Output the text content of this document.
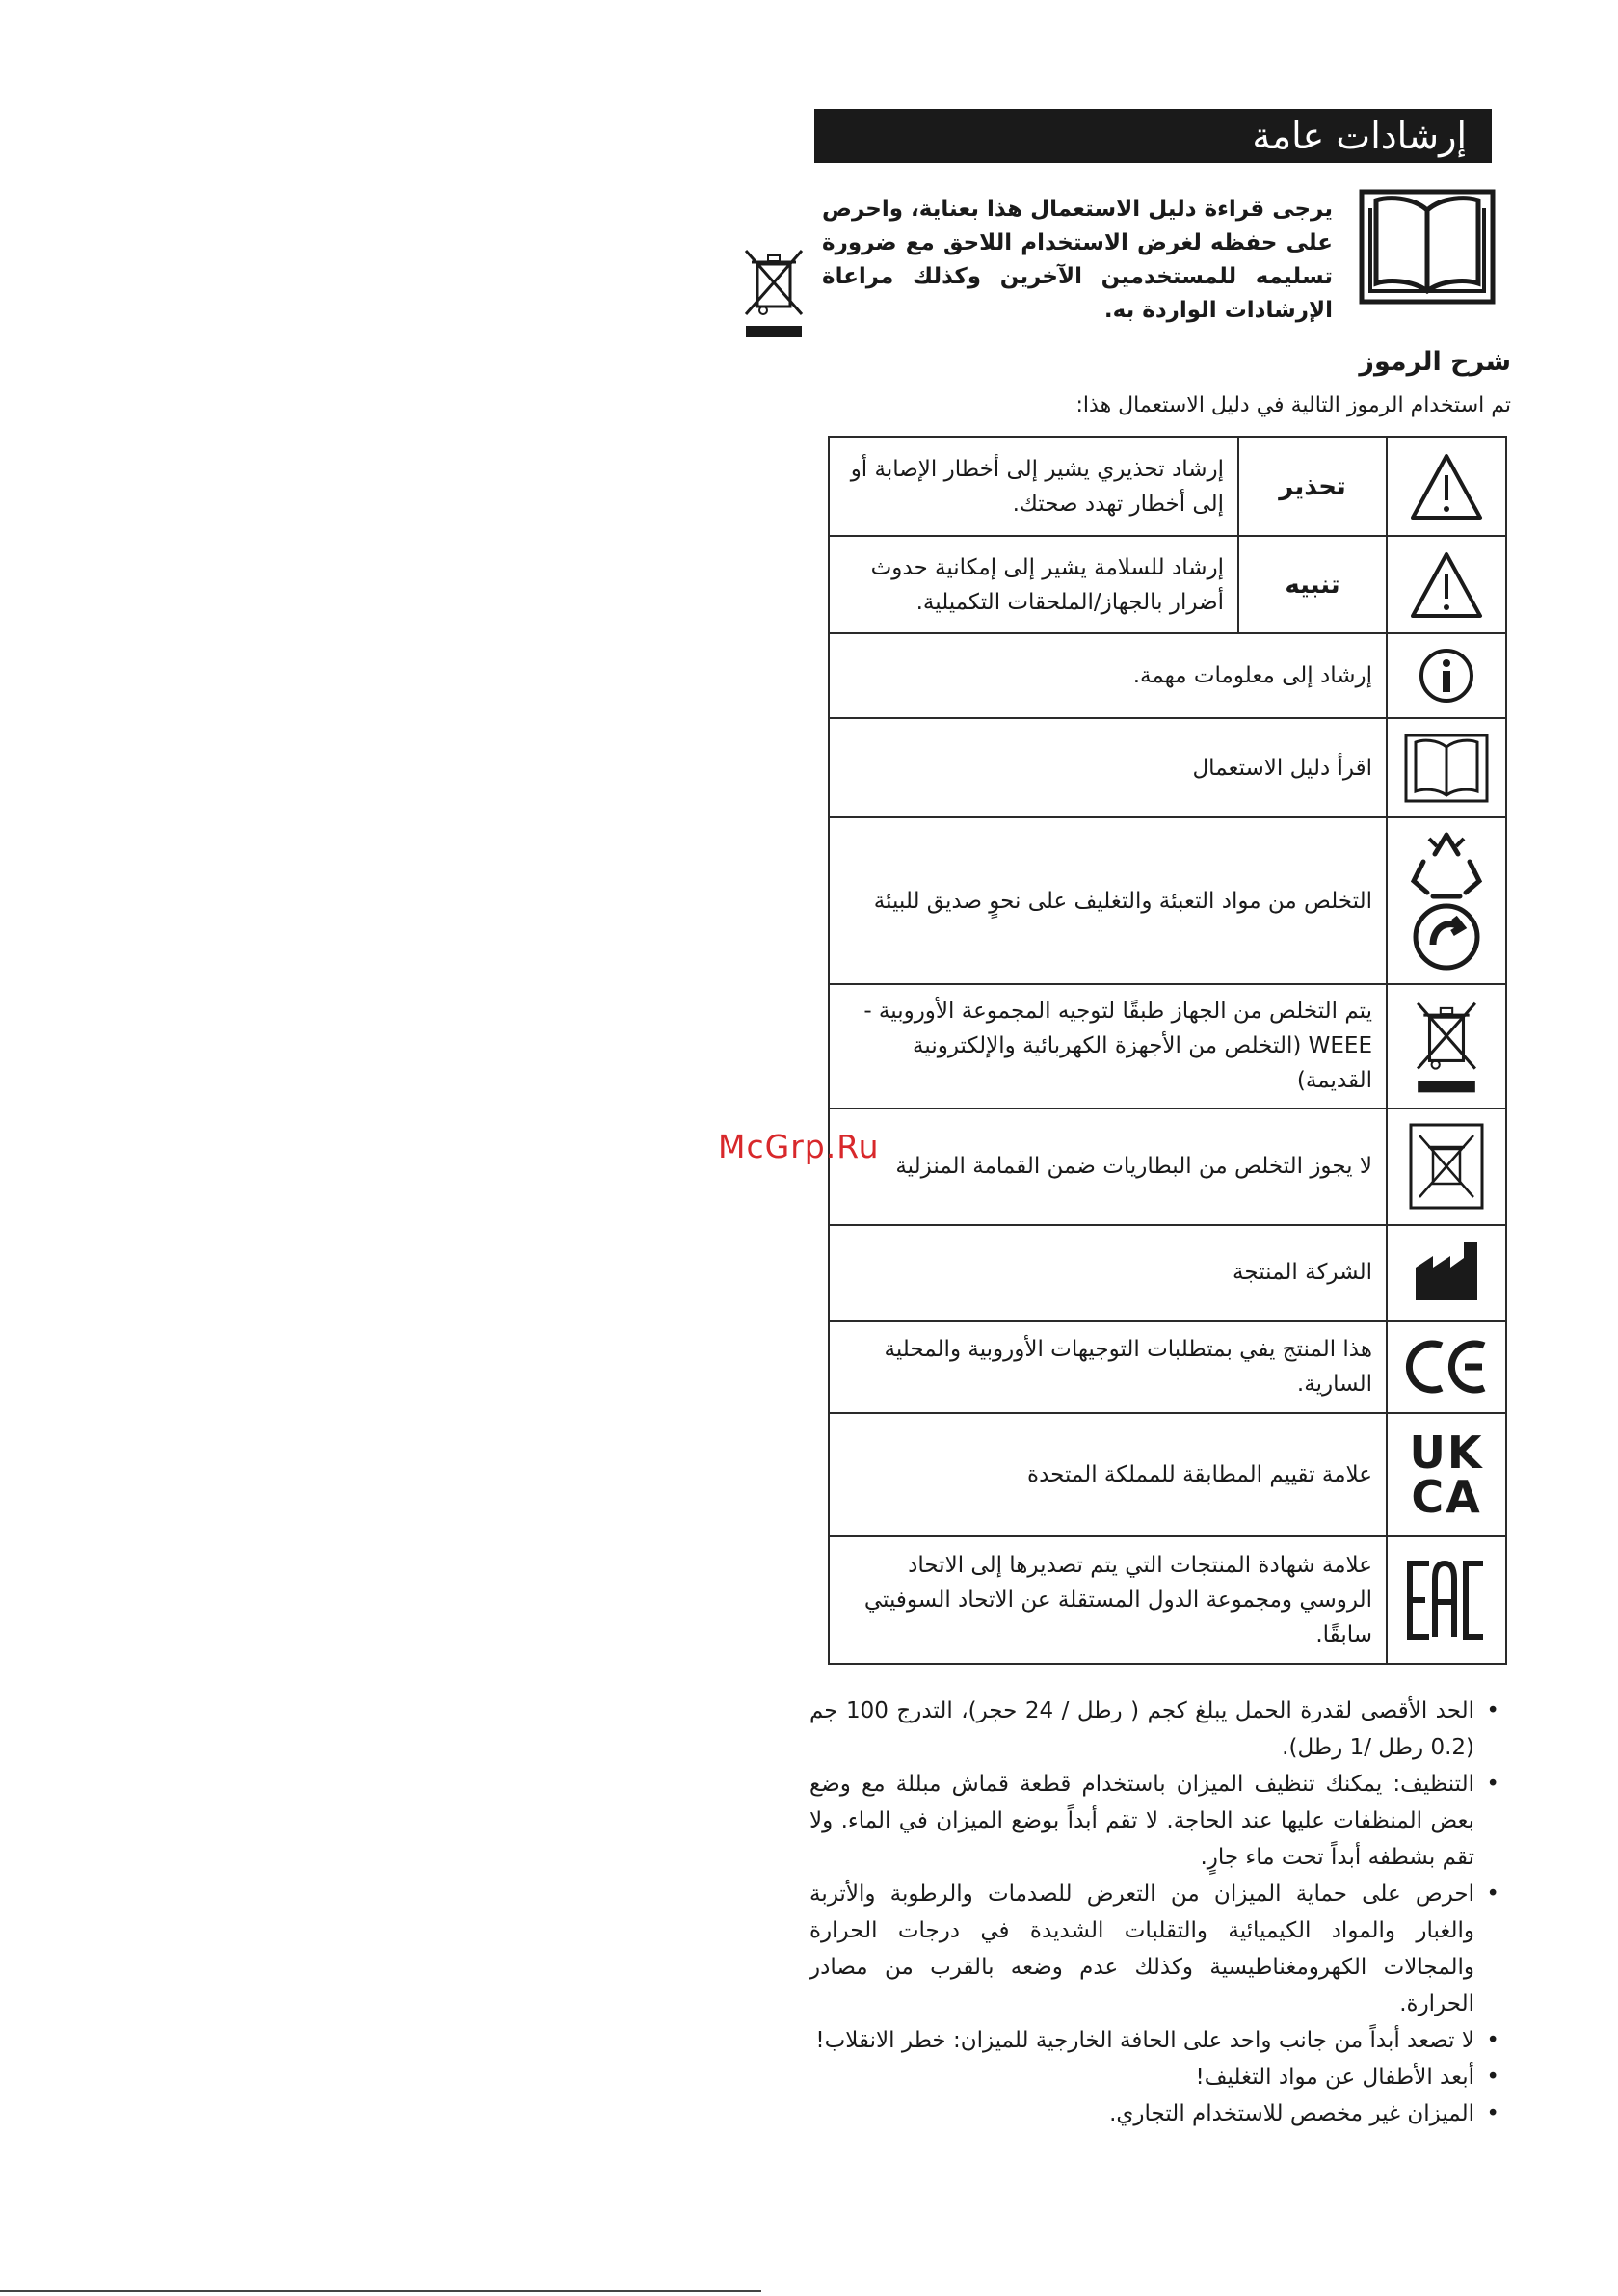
إرشادات عامة
يرجى قراءة دليل الاستعمال هذا بعناية، واحرص على حفظه لغرض الاستخدام اللاحق مع ضرورة تسليمه للمستخدمين الآخرين وكذلك مراعاة الإرشادات الواردة به.
شرح الرموز
تم استخدام الرموز التالية في دليل الاستعمال هذا:
	تحذير	إرشاد تحذيري يشير إلى أخطار الإصابة أو إلى أخطار تهدد صحتك.

	تنبيه	إرشاد للسلامة يشير إلى إمكانية حدوث أضرار بالجهاز/الملحقات التكميلية.

	إرشاد إلى معلومات مهمة.	

	اقرأ دليل الاستعمال	

	التخلص من مواد التعبئة والتغليف على نحوٍ صديق للبيئة	

	يتم التخلص من الجهاز طبقًا لتوجيه المجموعة الأوروبية - WEEE (التخلص من الأجهزة الكهربائية والإلكترونية القديمة)	

	لا يجوز التخلص من البطاريات ضمن القمامة المنزلية	

	الشركة المنتجة	

	هذا المنتج يفي بمتطلبات التوجيهات الأوروبية والمحلية السارية.	

UK
CA	علامة تقييم المطابقة للمملكة المتحدة	

	علامة شهادة المنتجات التي يتم تصديرها إلى الاتحاد الروسي ومجموعة الدول المستقلة عن الاتحاد السوفيتي سابقًا.	
• الحد الأقصى لقدرة الحمل يبلغ كجم ( رطل / 24 حجر)، التدرج 100 جم (0.2 رطل /1 رطل).
• التنظيف: يمكنك تنظيف الميزان باستخدام قطعة قماش مبللة مع وضع بعض المنظفات عليها عند الحاجة. لا تقم أبداً بوضع الميزان في الماء. ولا تقم بشطفه أبداً تحت ماء جارٍ.
• احرص على حماية الميزان من التعرض للصدمات والرطوبة والأتربة والغبار والمواد الكيميائية والتقلبات الشديدة في درجات الحرارة والمجالات الكهرومغناطيسية وكذلك عدم وضعه بالقرب من مصادر الحرارة.
• لا تصعد أبداً من جانب واحد على الحافة الخارجية للميزان: خطر الانقلاب!
• أبعد الأطفال عن مواد التغليف!
• الميزان غير مخصص للاستخدام التجاري.
McGrp.Ru
